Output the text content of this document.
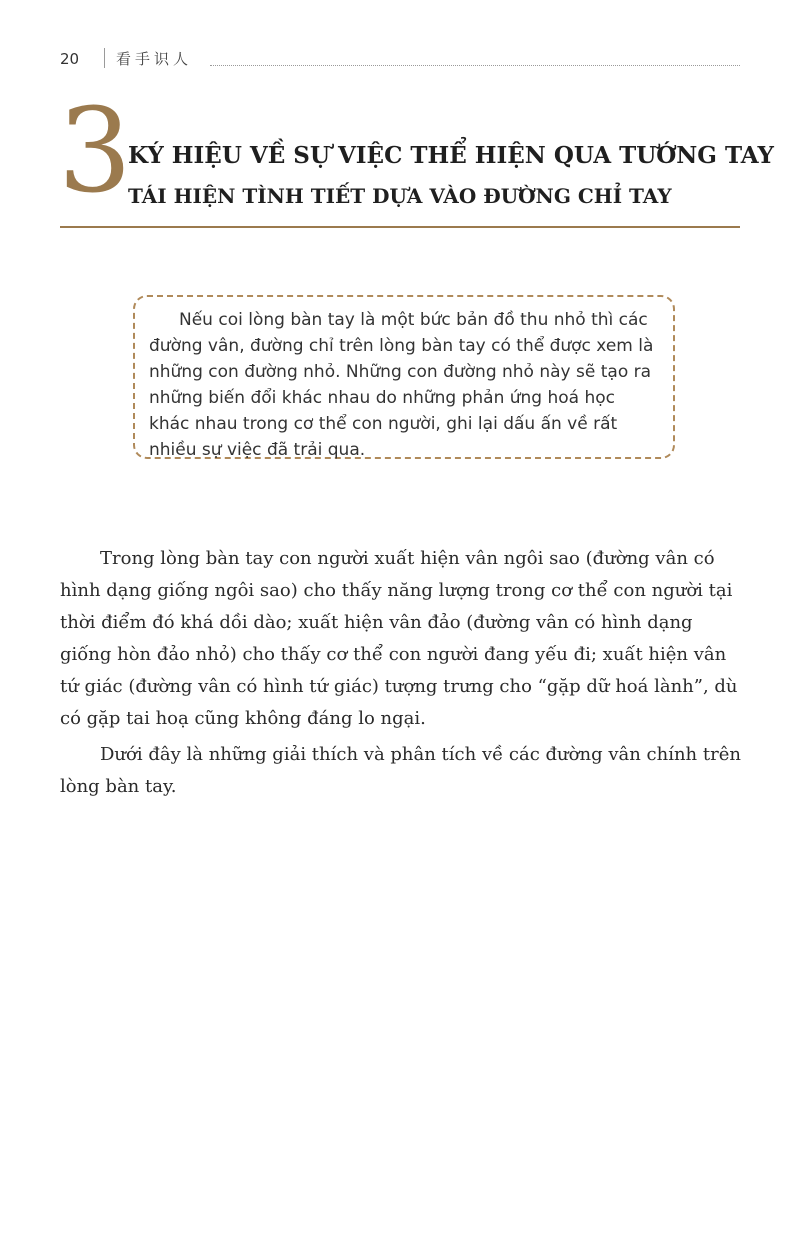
20 看手识人
3
KÝ HIỆU VỀ SỰ VIỆC THỂ HIỆN QUA TƯỚNG TAY
TÁI HIỆN TÌNH TIẾT DỰA VÀO ĐƯỜNG CHỈ TAY

Nếu coi lòng bàn tay là một bức bản đồ thu nhỏ thì các đường vân, đường chỉ trên lòng bàn tay có thể được xem là những con đường nhỏ. Những con đường nhỏ này sẽ tạo ra những biến đổi khác nhau do những phản ứng hoá học khác nhau trong cơ thể con người, ghi lại dấu ấn về rất nhiều sự việc đã trải qua.

Trong lòng bàn tay con người xuất hiện vân ngôi sao (đường vân có hình dạng giống ngôi sao) cho thấy năng lượng trong cơ thể con người tại thời điểm đó khá dồi dào; xuất hiện vân đảo (đường vân có hình dạng giống hòn đảo nhỏ) cho thấy cơ thể con người đang yếu đi; xuất hiện vân tứ giác (đường vân có hình tứ giác) tượng trưng cho “gặp dữ hoá lành”, dù có gặp tai hoạ cũng không đáng lo ngại.

Dưới đây là những giải thích và phân tích về các đường vân chính trên lòng bàn tay.
